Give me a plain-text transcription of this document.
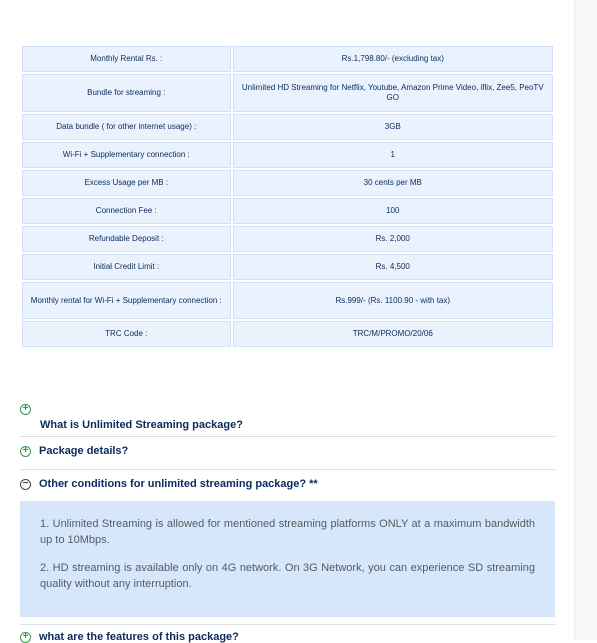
Monthly Rental Rs. :	Rs.1,798.80/- (excluding tax)
Bundle for streaming :	Unlimited HD Streaming for Netflix, Youtube, Amazon Prime Video, iflix, Zee5, PeoTV GO
Data bundle ( for other internet usage) :	3GB
Wi-Fi + Supplementary connection :	1
Excess Usage per MB :	30 cents per MB
Connection Fee :	100
Refundable Deposit :	Rs. 2,000
Initial Credit Limit :	Rs. 4,500
Monthly rental for Wi-Fi + Supplementary connection :	Rs.999/- (Rs. 1100.90 - with tax)
TRC Code :	TRC/M/PROMO/20/06
+
What is Unlimited Streaming package?
+ Package details?
− Other conditions for unlimited streaming package? **

1. Unlimited Streaming is allowed for mentioned streaming platforms ONLY at a maximum bandwidth up to 10Mbps.

2. HD streaming is available only on 4G network. On 3G Network, you can experience SD streaming quality without any interruption.

+ what are the features of this package?
